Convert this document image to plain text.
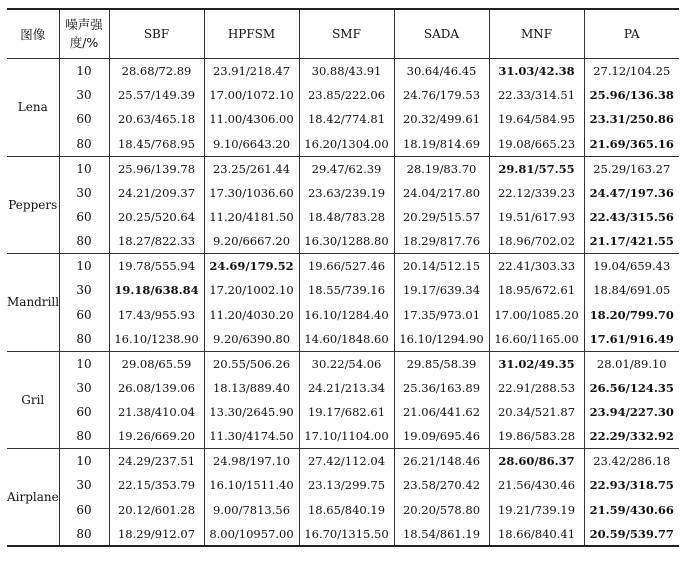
图像	噪声强
度/%	SBF	HPFSM	SMF	SADA	MNF	PA
Lena	10	28.68/72.89	23.91/218.47	30.88/43.91	30.64/46.45	31.03/42.38	27.12/104.25
	30	25.57/149.39	17.00/1072.10	23.85/222.06	24.76/179.53	22.33/314.51	25.96/136.38
	60	20.63/465.18	11.00/4306.00	18.42/774.81	20.32/499.61	19.64/584.95	23.31/250.86
	80	18.45/768.95	9.10/6643.20	16.20/1304.00	18.19/814.69	19.08/665.23	21.69/365.16
Peppers	10	25.96/139.78	23.25/261.44	29.47/62.39	28.19/83.70	29.81/57.55	25.29/163.27
	30	24.21/209.37	17.30/1036.60	23.63/239.19	24.04/217.80	22.12/339.23	24.47/197.36
	60	20.25/520.64	11.20/4181.50	18.48/783.28	20.29/515.57	19.51/617.93	22.43/315.56
	80	18.27/822.33	9.20/6667.20	16.30/1288.80	18.29/817.76	18.96/702.02	21.17/421.55
Mandrill	10	19.78/555.94	24.69/179.52	19.66/527.46	20.14/512.15	22.41/303.33	19.04/659.43
	30	19.18/638.84	17.20/1002.10	18.55/739.16	19.17/639.34	18.95/672.61	18.84/691.05
	60	17.43/955.93	11.20/4030.20	16.10/1284.40	17.35/973.01	17.00/1085.20	18.20/799.70
	80	16.10/1238.90	9.20/6390.80	14.60/1848.60	16.10/1294.90	16.60/1165.00	17.61/916.49
Gril	10	29.08/65.59	20.55/506.26	30.22/54.06	29.85/58.39	31.02/49.35	28.01/89.10
	30	26.08/139.06	18.13/889.40	24.21/213.34	25.36/163.89	22.91/288.53	26.56/124.35
	60	21.38/410.04	13.30/2645.90	19.17/682.61	21.06/441.62	20.34/521.87	23.94/227.30
	80	19.26/669.20	11.30/4174.50	17.10/1104.00	19.09/695.46	19.86/583.28	22.29/332.92
Airplane	10	24.29/237.51	24.98/197.10	27.42/112.04	26.21/148.46	28.60/86.37	23.42/286.18
	30	22.15/353.79	16.10/1511.40	23.13/299.75	23.58/270.42	21.56/430.46	22.93/318.75
	60	20.12/601.28	9.00/7813.56	18.65/840.19	20.20/578.80	19.21/739.19	21.59/430.66
	80	18.29/912.07	8.00/10957.00	16.70/1315.50	18.54/861.19	18.66/840.41	20.59/539.77
